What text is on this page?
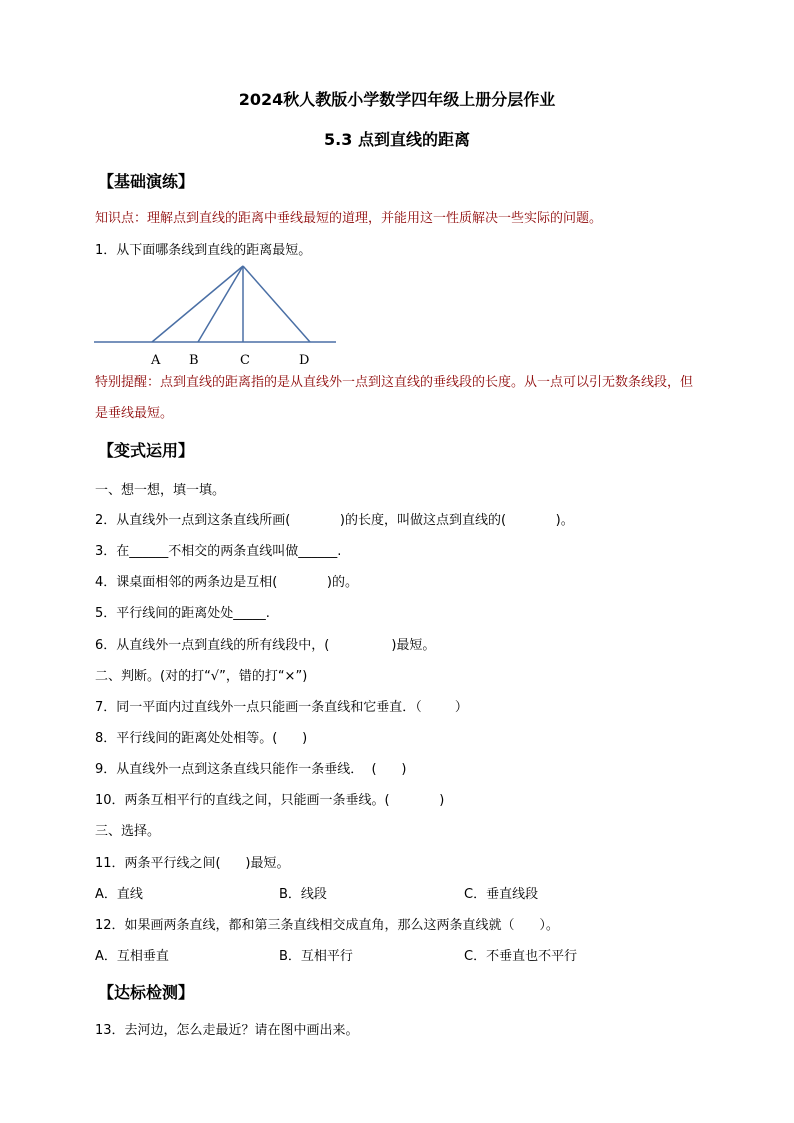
2024秋人教版小学数学四年级上册分层作业
5.3 点到直线的距离
【基础演练】
知识点：理解点到直线的距离中垂线最短的道理，并能用这一性质解决一些实际的问题。
1．从下面哪条线到直线的距离最短。
A B	C	D
特别提醒：点到直线的距离指的是从直线外一点到这直线的垂线段的长度。从一点可以引无数条线段，但是垂线最短。
【变式运用】
一、想一想，填一填。
2．从直线外一点到这条直线所画(            )的长度，叫做这点到直线的(            )。
3．在______不相交的两条直线叫做______.
4．课桌面相邻的两条边是互相(            )的。
5．平行线间的距离处处_____.
6．从直线外一点到直线的所有线段中，(               )最短。
二、判断。(对的打“√”，错的打“×”)
7．同一平面内过直线外一点只能画一条直线和它垂直．（        ）
8．平行线间的距离处处相等。(      )
9．从直线外一点到这条直线只能作一条垂线．  (      )
10．两条互相平行的直线之间，只能画一条垂线。(            )
三、选择。
11．两条平行线之间(      )最短。
A．直线	B．线段	C．垂直线段
12．如果画两条直线，都和第三条直线相交成直角，那么这两条直线就（      ）。
A．互相垂直	B．互相平行	C．不垂直也不平行
【达标检测】
13．去河边，怎么走最近？请在图中画出来。
